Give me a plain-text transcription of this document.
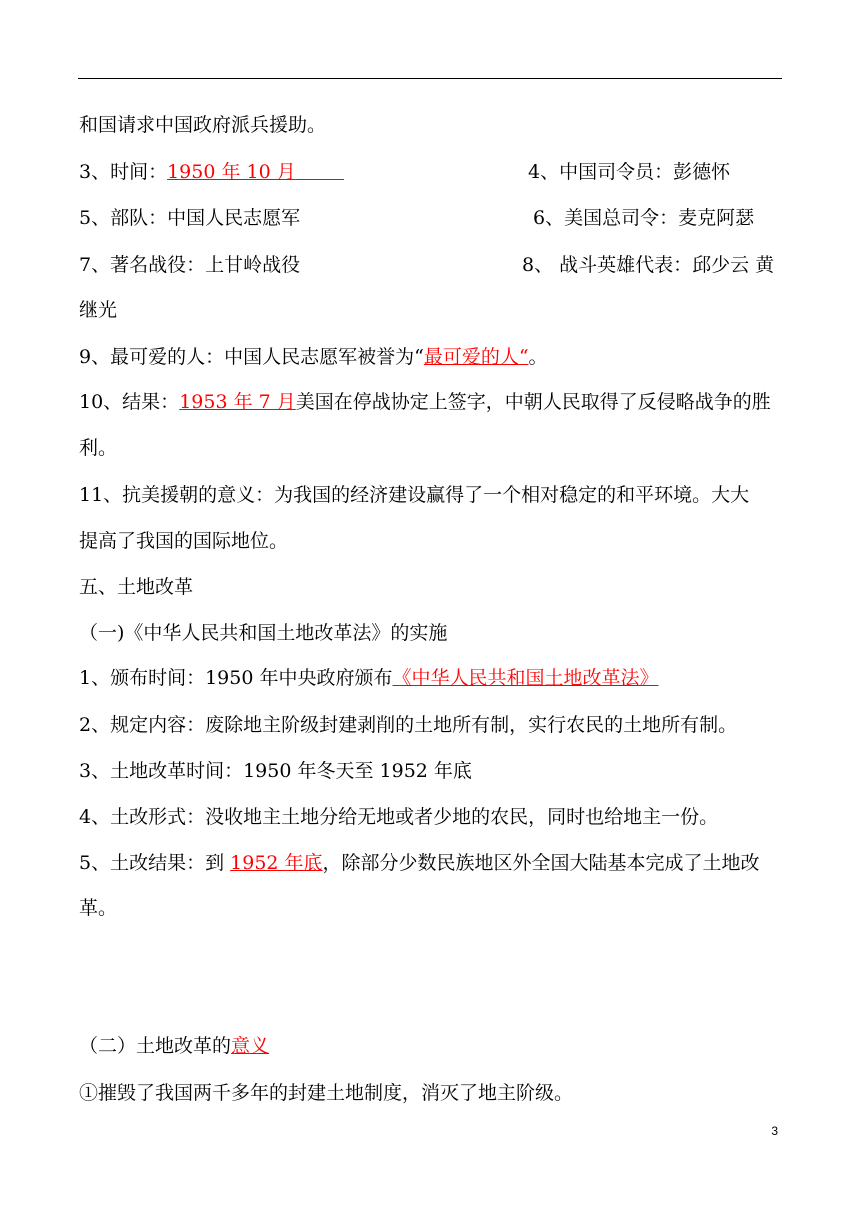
和国请求中国政府派兵援助。
3、时间：1950 年 10 月	4、中国司令员：彭德怀
5、部队：中国人民志愿军	6、美国总司令：麦克阿瑟
7、著名战役：上甘岭战役	8、 战斗英雄代表：邱少云 黄
继光
9、最可爱的人：中国人民志愿军被誉为“最可爱的人“。
10、结果：1953 年 7 月美国在停战协定上签字，中朝人民取得了反侵略战争的胜
利。
11、抗美援朝的意义：为我国的经济建设赢得了一个相对稳定的和平环境。大大
提高了我国的国际地位。
五、土地改革
（一)《中华人民共和国土地改革法》的实施
1、颁布时间：1950 年中央政府颁布《中华人民共和国土地改革法》
2、规定内容：废除地主阶级封建剥削的土地所有制，实行农民的土地所有制。
3、土地改革时间：1950 年冬天至 1952 年底
4、土改形式：没收地主土地分给无地或者少地的农民，同时也给地主一份。
5、土改结果：到 1952 年底，除部分少数民族地区外全国大陆基本完成了土地改
革。
（二）土地改革的意义
①摧毁了我国两千多年的封建土地制度，消灭了地主阶级。
3
